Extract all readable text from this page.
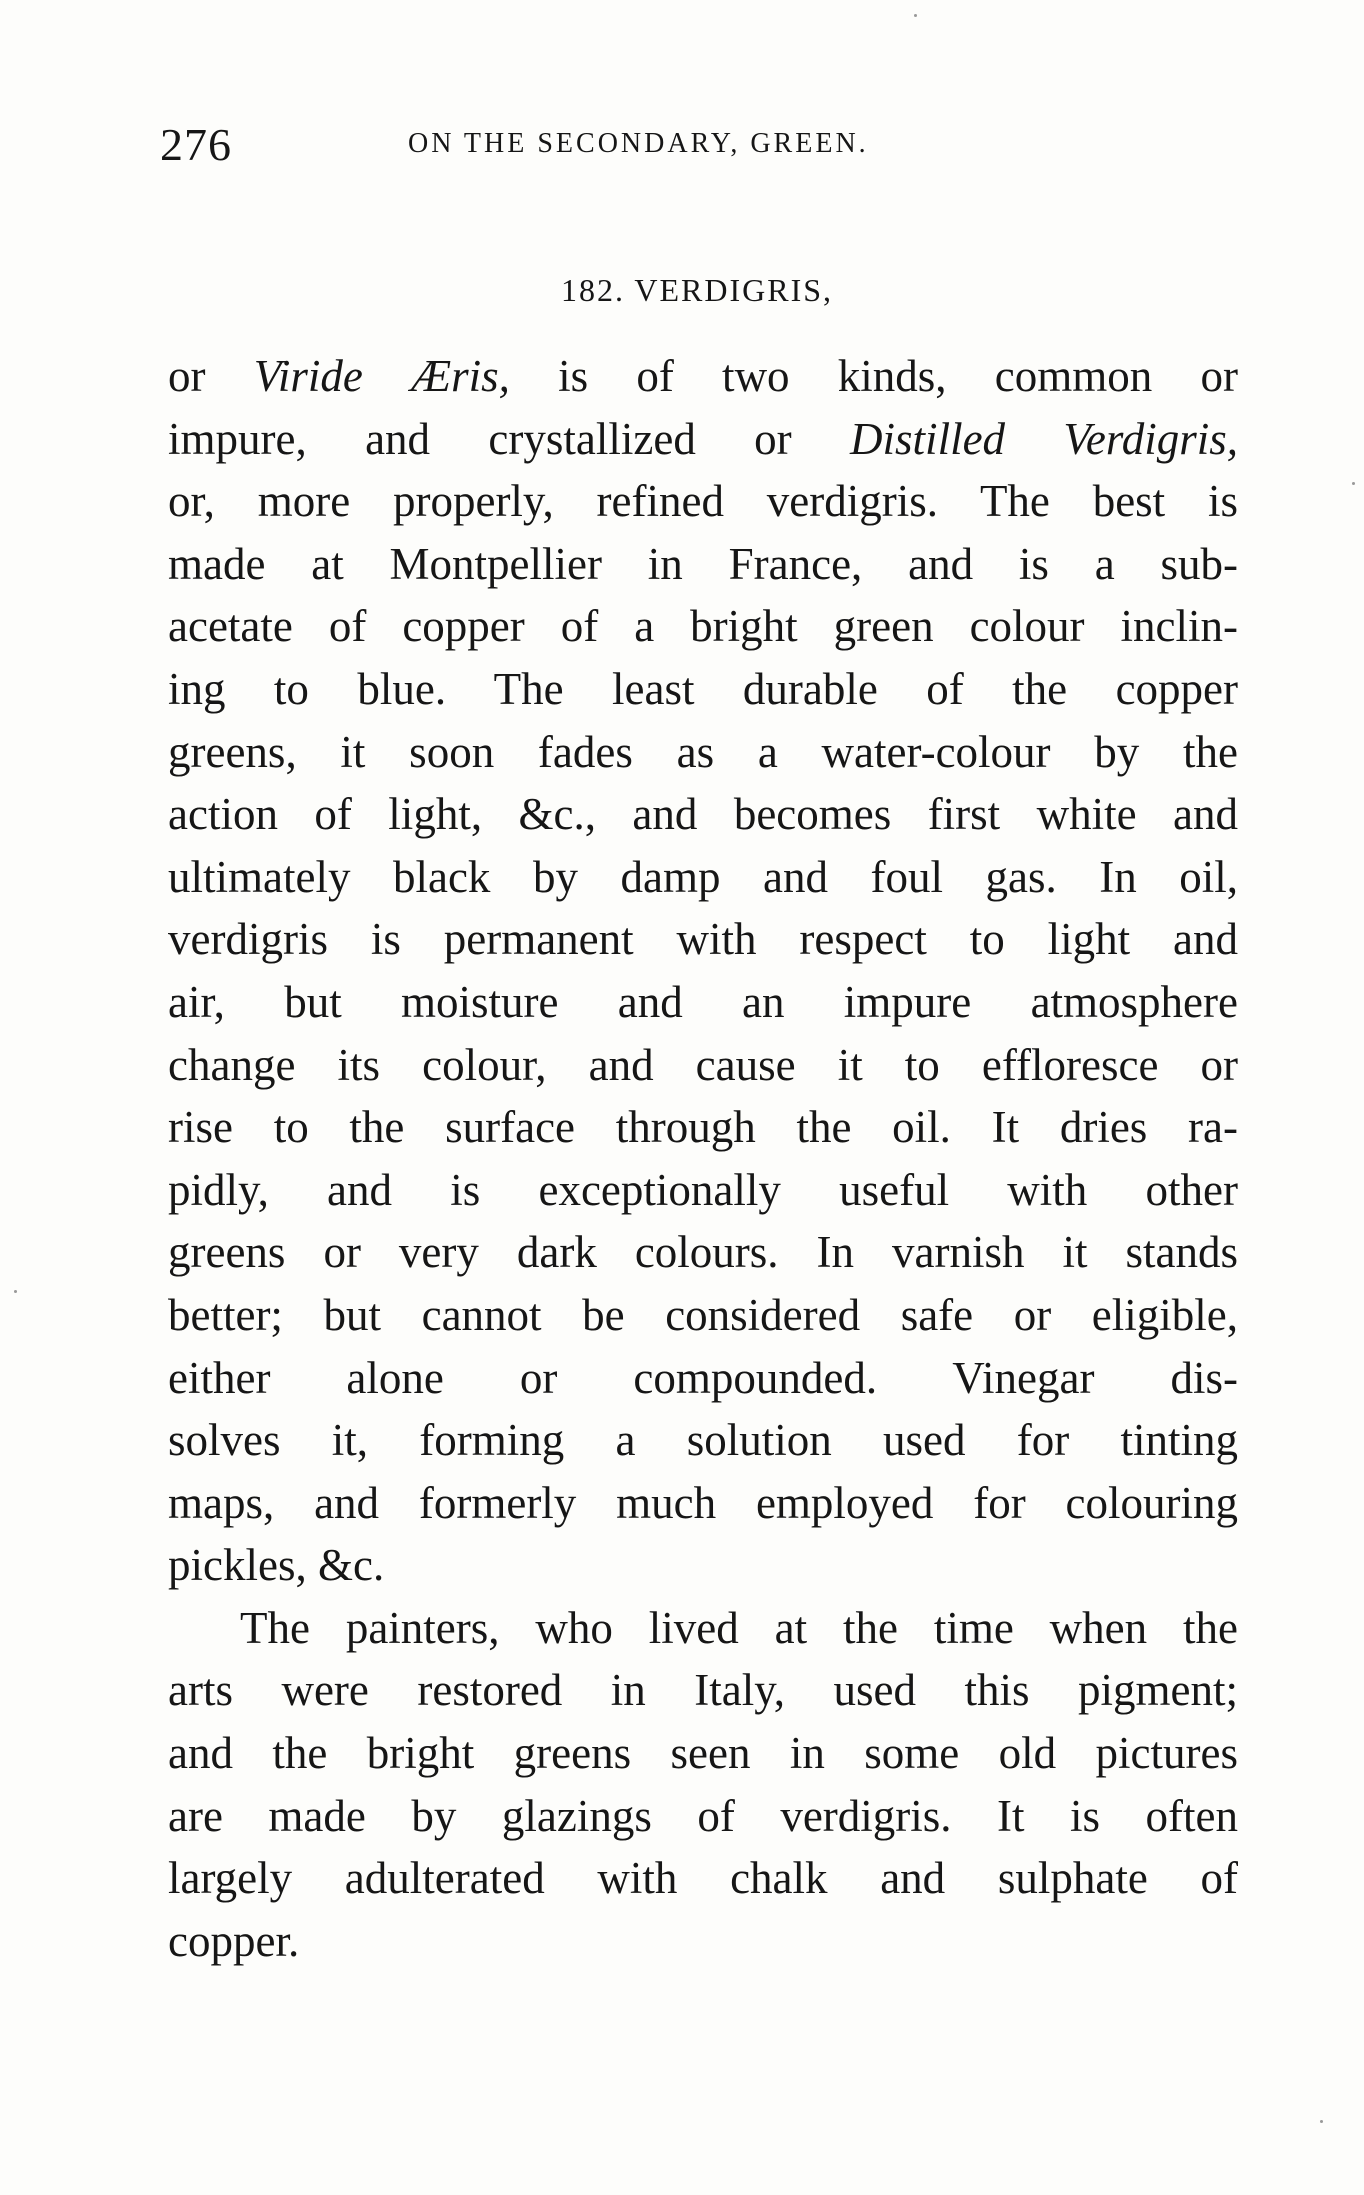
276	ON THE SECONDARY, GREEN.
182. VERDIGRIS,
or Viride Æris, is of two kinds, common or
impure, and crystallized or Distilled Verdigris,
or, more properly, refined verdigris. The best is
made at Montpellier in France, and is a sub-
acetate of copper of a bright green colour inclin-
ing to blue. The least durable of the copper
greens, it soon fades as a water-colour by the
action of light, &c., and becomes first white and
ultimately black by damp and foul gas. In oil,
verdigris is permanent with respect to light and
air, but moisture and an impure atmosphere
change its colour, and cause it to effloresce or
rise to the surface through the oil. It dries ra-
pidly, and is exceptionally useful with other
greens or very dark colours. In varnish it stands
better; but cannot be considered safe or eligible,
either alone or compounded. Vinegar dis-
solves it, forming a solution used for tinting
maps, and formerly much employed for colouring
pickles, &c.
The painters, who lived at the time when the
arts were restored in Italy, used this pigment;
and the bright greens seen in some old pictures
are made by glazings of verdigris. It is often
largely adulterated with chalk and sulphate of
copper.
